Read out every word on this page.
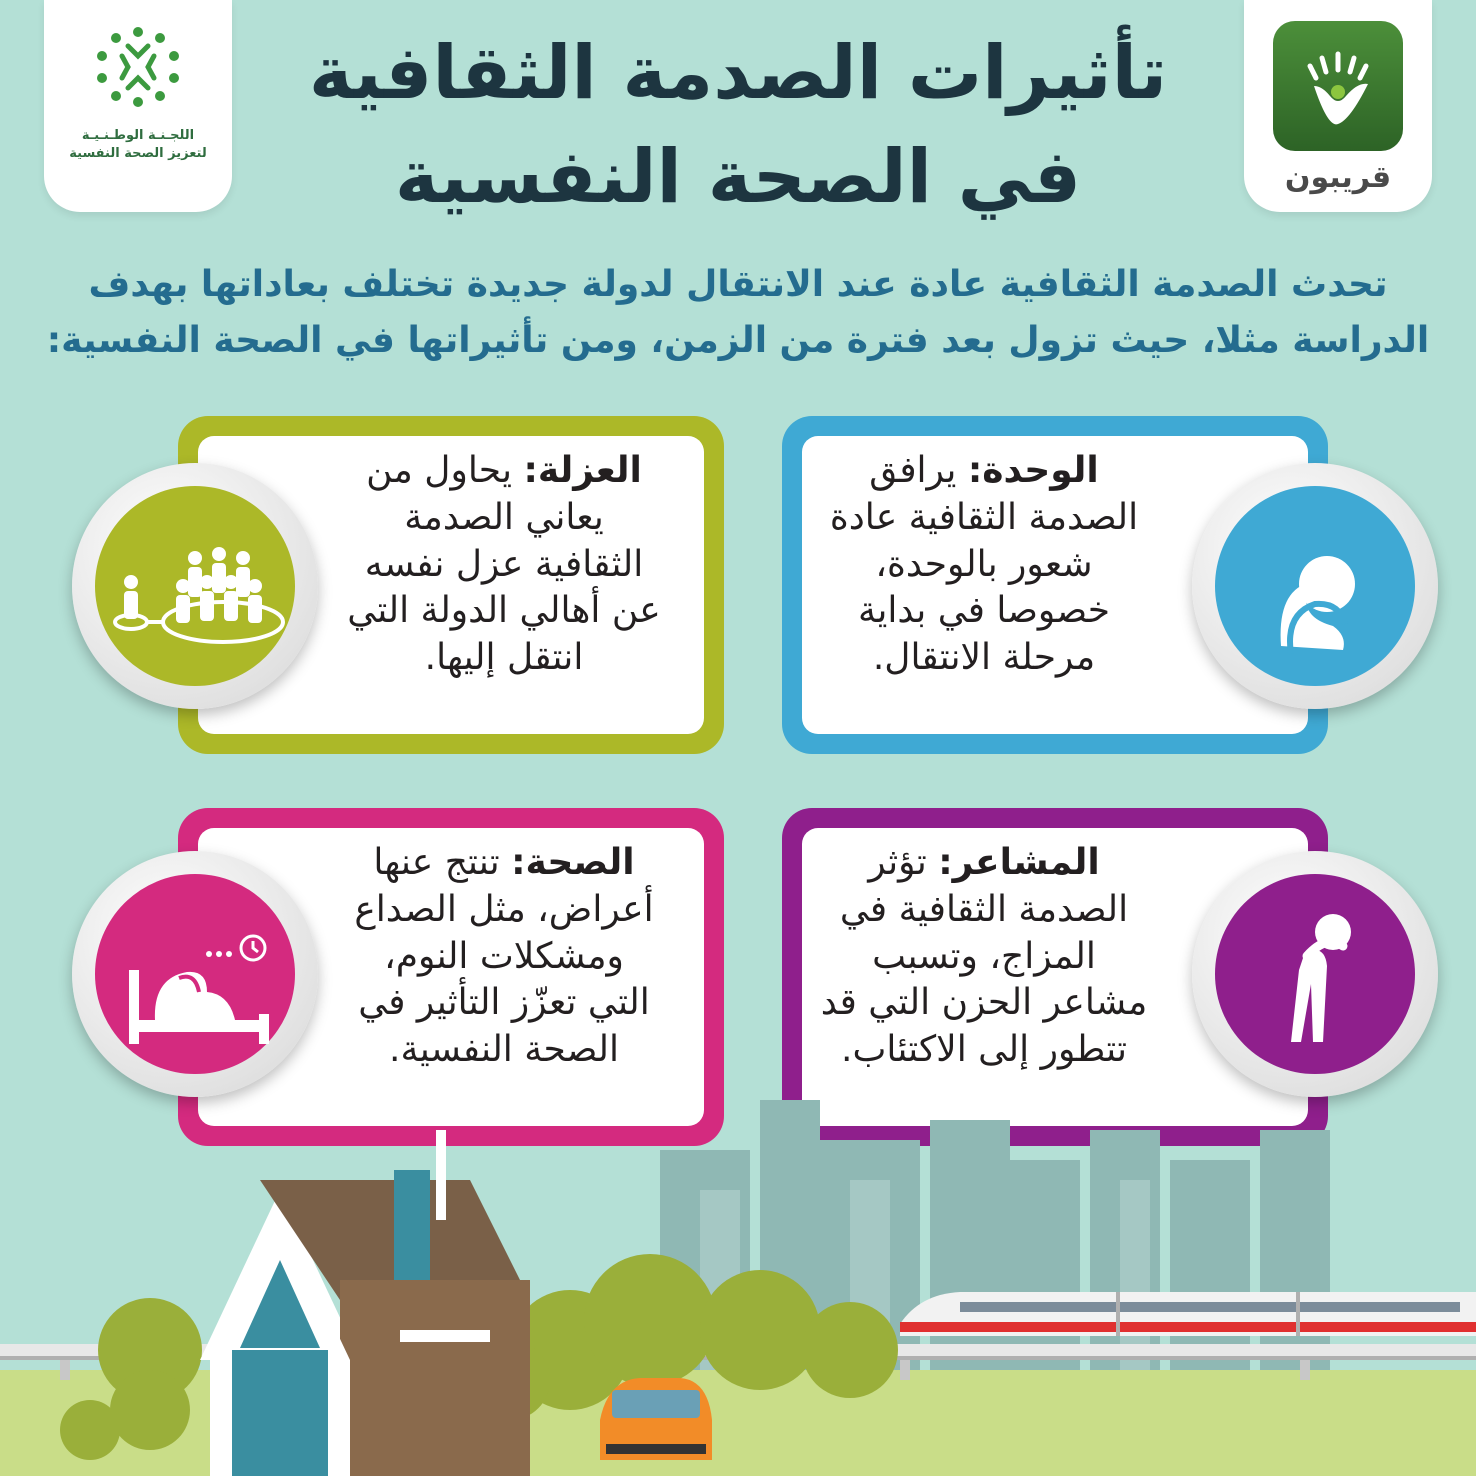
اللجـنـة الوطـنـيـة
لتعزيز الصحة النفسية
قريبون
تأثيرات الصدمة الثقافية
في الصحة النفسية
تحدث الصدمة الثقافية عادة عند الانتقال لدولة جديدة تختلف بعاداتها بهدف
الدراسة مثلا، حيث تزول بعد فترة من الزمن، ومن تأثيراتها في الصحة النفسية:
الوحدة: يرافق
الصدمة الثقافية عادة
شعور بالوحدة،
خصوصا في بداية
مرحلة الانتقال.
العزلة: يحاول من
يعاني الصدمة
الثقافية عزل نفسه
عن أهالي الدولة التي
انتقل إليها.
المشاعر: تؤثر
الصدمة الثقافية في
المزاج، وتسبب
مشاعر الحزن التي قد
تتطور إلى الاكتئاب.
الصحة: تنتج عنها
أعراض، مثل الصداع
ومشكلات النوم،
التي تعزّز التأثير في
الصحة النفسية.
